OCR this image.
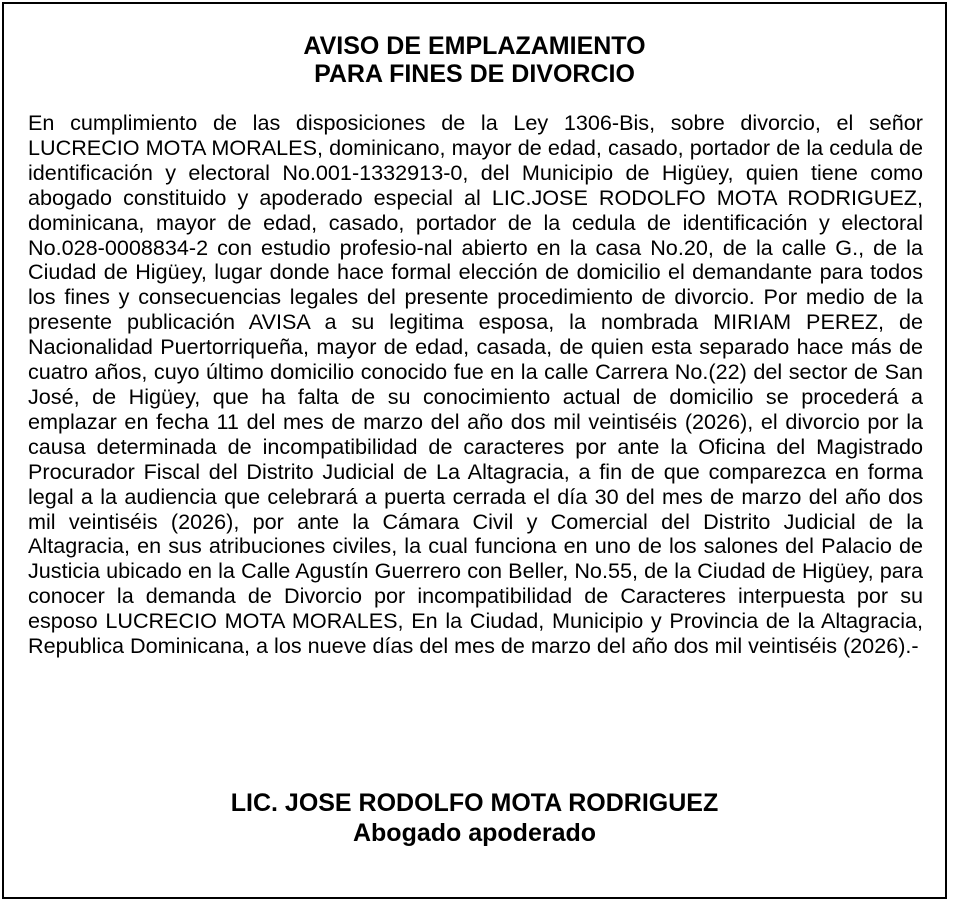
AVISO DE EMPLAZAMIENTO
PARA FINES DE DIVORCIO
En cumplimiento de las disposiciones de la Ley 1306-Bis, sobre divorcio, el señor LUCRECIO MOTA MORALES, dominicano, mayor de edad, casado, portador de la cedula de identificación y electoral No.001-1332913-0, del Municipio de Higüey, quien tiene como abogado constituido y apoderado especial al LIC.JOSE RODOLFO MOTA RODRIGUEZ, dominicana, mayor de edad, casado, portador de la cedula de identificación y electoral No.028-0008834-2 con estudio profesio-nal abierto en la casa No.20, de la calle G., de la Ciudad de Higüey, lugar donde hace formal elección de domicilio el demandante para todos los fines y consecuencias legales del presente procedimiento de divorcio. Por medio de la presente publicación AVISA a su legitima esposa, la nombrada MIRIAM PEREZ, de Nacionalidad Puertorriqueña, mayor de edad, casada, de quien esta separado hace más de cuatro años, cuyo último domicilio conocido fue en la calle Carrera No.(22) del sector de San José, de Higüey, que ha falta de su conocimiento actual de domicilio se procederá a emplazar en fecha 11 del mes de marzo del año dos mil veintiséis (2026), el divorcio por la causa determinada de incompatibilidad de caracteres por ante la Oficina del Magistrado Procurador Fiscal del Distrito Judicial de La Altagracia, a fin de que comparezca en forma legal a la audiencia que celebrará a puerta cerrada el día 30 del mes de marzo del año dos mil veintiséis (2026), por ante la Cámara Civil y Comercial del Distrito Judicial de la Altagracia, en sus atribuciones civiles, la cual funciona en uno de los salones del Palacio de Justicia ubicado en la Calle Agustín Guerrero con Beller, No.55, de la Ciudad de Higüey, para conocer la demanda de Divorcio por incompatibilidad de Caracteres interpuesta por su esposo LUCRECIO MOTA MORALES, En la Ciudad, Municipio y Provincia de la Altagracia, Republica Dominicana, a los nueve días del mes de marzo del año dos mil veintiséis (2026).-
LIC. JOSE RODOLFO MOTA RODRIGUEZ
Abogado apoderado
